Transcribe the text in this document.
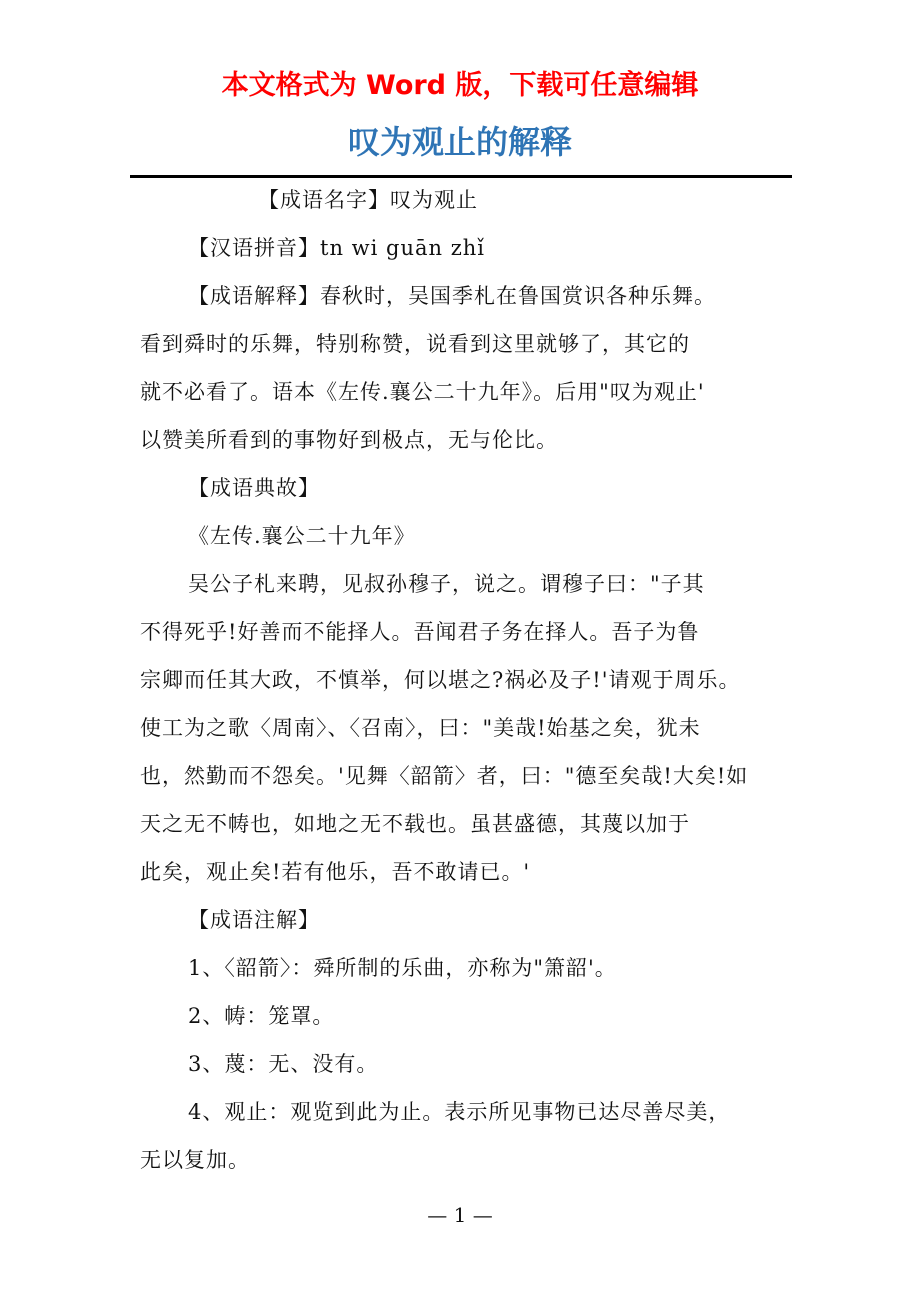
本文格式为 Word 版，下载可任意编辑
叹为观止的解释
【成语名字】叹为观止
【汉语拼音】tn wi guān zhǐ
【成语解释】春秋时，吴国季札在鲁国赏识各种乐舞。
看到舜时的乐舞，特别称赞，说看到这里就够了，其它的
就不必看了。语本《左传.襄公二十九年》。后用"叹为观止'
以赞美所看到的事物好到极点，无与伦比。
【成语典故】
《左传.襄公二十九年》
吴公子札来聘，见叔孙穆子，说之。谓穆子曰："子其
不得死乎!好善而不能择人。吾闻君子务在择人。吾子为鲁
宗卿而任其大政，不慎举，何以堪之?祸必及子!'请观于周乐。
使工为之歌〈周南〉、〈召南〉，曰："美哉!始基之矣，犹未
也，然勤而不怨矣。'见舞〈韶箭〉者，曰："德至矣哉!大矣!如
天之无不帱也，如地之无不载也。虽甚盛德，其蔑以加于
此矣，观止矣!若有他乐，吾不敢请已。'
【成语注解】
1、〈韶箭〉：舜所制的乐曲，亦称为"箫韶'。
2、帱：笼罩。
3、蔑：无、没有。
4、观止：观览到此为止。表示所见事物已达尽善尽美，
无以复加。
— 1 —
